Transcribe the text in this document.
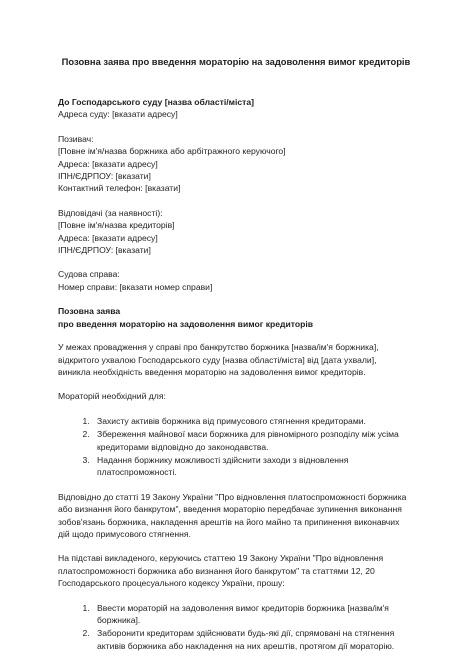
Позовна заява про введення мораторію на задоволення вимог кредиторів
До Господарського суду [назва області/міста]
Адреса суду: [вказати адресу]
Позивач:
[Повне ім'я/назва боржника або арбітражного керуючого]
Адреса: [вказати адресу]
ІПН/ЄДРПОУ: [вказати]
Контактний телефон: [вказати]
Відповідачі (за наявності):
[Повне ім'я/назва кредиторів]
Адреса: [вказати адресу]
ІПН/ЄДРПОУ: [вказати]
Судова справа:
Номер справи: [вказати номер справи]
Позовна заява
про введення мораторію на задоволення вимог кредиторів
У межах провадження у справі про банкрутство боржника [назва/ім'я боржника],
відкритого ухвалою Господарського суду [назва області/міста] від [дата ухвали],
виникла необхідність введення мораторію на задоволення вимог кредиторів.
Мораторій необхідний для:
1. Захисту активів боржника від примусового стягнення кредиторами.
2. Збереження майнової маси боржника для рівномірного розподілу між усіма
кредиторами відповідно до законодавства.
3. Надання боржнику можливості здійснити заходи з відновлення
платоспроможності.
Відповідно до статті 19 Закону України "Про відновлення платоспроможності боржника
або визнання його банкрутом", введення мораторію передбачає зупинення виконання
зобов'язань боржника, накладення арештів на його майно та припинення виконавчих
дій щодо примусового стягнення.
На підставі викладеного, керуючись статтею 19 Закону України "Про відновлення
платоспроможності боржника або визнання його банкрутом" та статтями 12, 20
Господарського процесуального кодексу України, прошу:
1. Ввести мораторій на задоволення вимог кредиторів боржника [назва/ім'я
боржника].
2. Заборонити кредиторам здійснювати будь-які дії, спрямовані на стягнення
активів боржника або накладення на них арештів, протягом дії мораторію.
